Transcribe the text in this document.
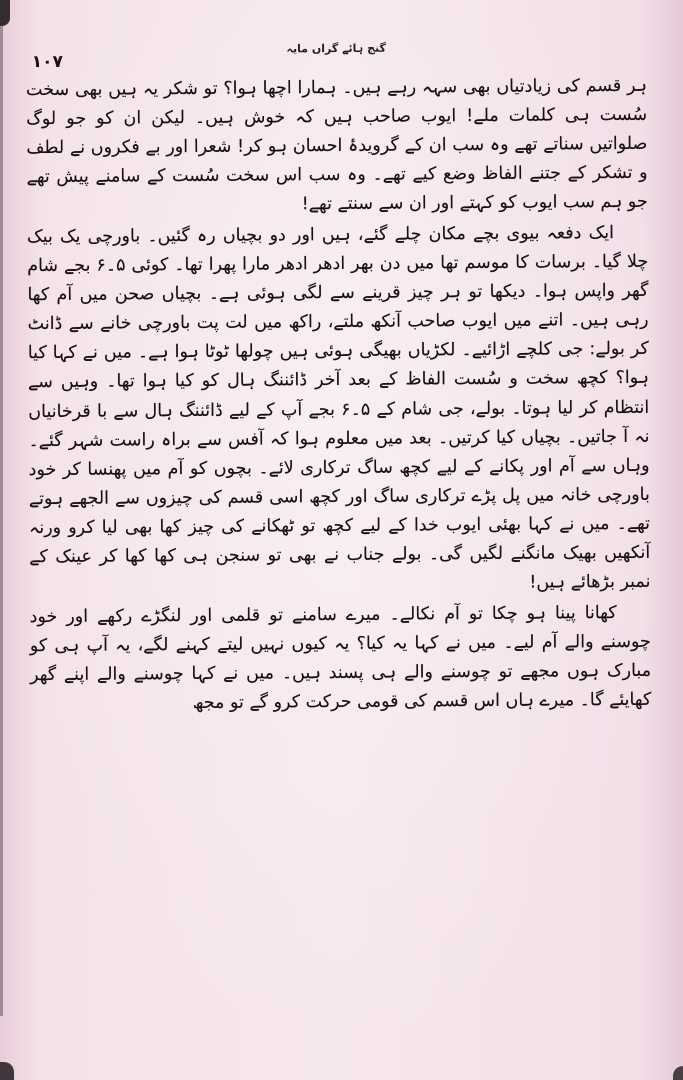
۱۰۷
گنج ہائے گراں مایہ

ہر قسم کی زیادتیاں بھی سہہ رہے ہیں۔ ہمارا اچھا ہوا؟ تو شکر یہ ہیں بھی سخت سُست ہی کلمات ملے! ایوب صاحب ہیں کہ خوش ہیں۔ لیکن ان کو جو لوگ صلواتیں سناتے تھے وہ سب ان کے گرویدۂ احسان ہو کر! شعرا اور بے فکروں نے لطف و تشکر کے جتنے الفاظ وضع کیے تھے۔ وہ سب اس سخت سُست کے سامنے پیش تھے جو ہم سب ایوب کو کہتے اور ان سے سنتے تھے!

ایک دفعہ بیوی بچے مکان چلے گئے، ہیں اور دو بچیاں رہ گئیں۔ باورچی یک بیک چلا گیا۔ برسات کا موسم تھا میں دن بھر ادھر ادھر مارا پھرا تھا۔ کوئی ۵۔۶ بجے شام گھر واپس ہوا۔ دیکھا تو ہر چیز قرینے سے لگی ہوئی ہے۔ بچیاں صحن میں آم کھا رہی ہیں۔ اتنے میں ایوب صاحب آنکھ ملتے، راکھ میں لت پت باورچی خانے سے ڈانٹ کر بولے: جی کلچے اڑائیے۔ لکڑیاں بھیگی ہوئی ہیں چولھا ٹوٹا ہوا ہے۔ میں نے کہا کیا ہوا؟ کچھ سخت و سُست الفاظ کے بعد آخر ڈائننگ ہال کو کیا ہوا تھا۔ وہیں سے انتظام کر لیا ہوتا۔ بولے، جی شام کے ۵۔۶ بجے آپ کے لیے ڈائننگ ہال سے با قرخانیاں نہ آ جاتیں۔ بچیاں کیا کرتیں۔ بعد میں معلوم ہوا کہ آفس سے براہ راست شہر گئے۔ وہاں سے آم اور پکانے کے لیے کچھ ساگ ترکاری لائے۔ بچوں کو آم میں پھنسا کر خود باورچی خانہ میں پل پڑے ترکاری ساگ اور کچھ اسی قسم کی چیزوں سے الجھے ہوتے تھے۔ میں نے کہا بھئی ایوب خدا کے لیے کچھ تو ٹھکانے کی چیز کھا بھی لیا کرو ورنہ آنکھیں بھیک مانگنے لگیں گی۔ بولے جناب نے بھی تو سنجن ہی کھا کھا کر عینک کے نمبر بڑھائے ہیں!

کھانا پینا ہو چکا تو آم نکالے۔ میرے سامنے تو قلمی اور لنگڑے رکھے اور خود چوسنے والے آم لیے۔ میں نے کہا یہ کیا؟ یہ کیوں نہیں لیتے کہنے لگے، یہ آپ ہی کو مبارک ہوں مجھے تو چوسنے والے ہی پسند ہیں۔ میں نے کہا چوسنے والے اپنے گھر کھایئے گا۔ میرے ہاں اس قسم کی قومی حرکت کرو گے تو مجھ
